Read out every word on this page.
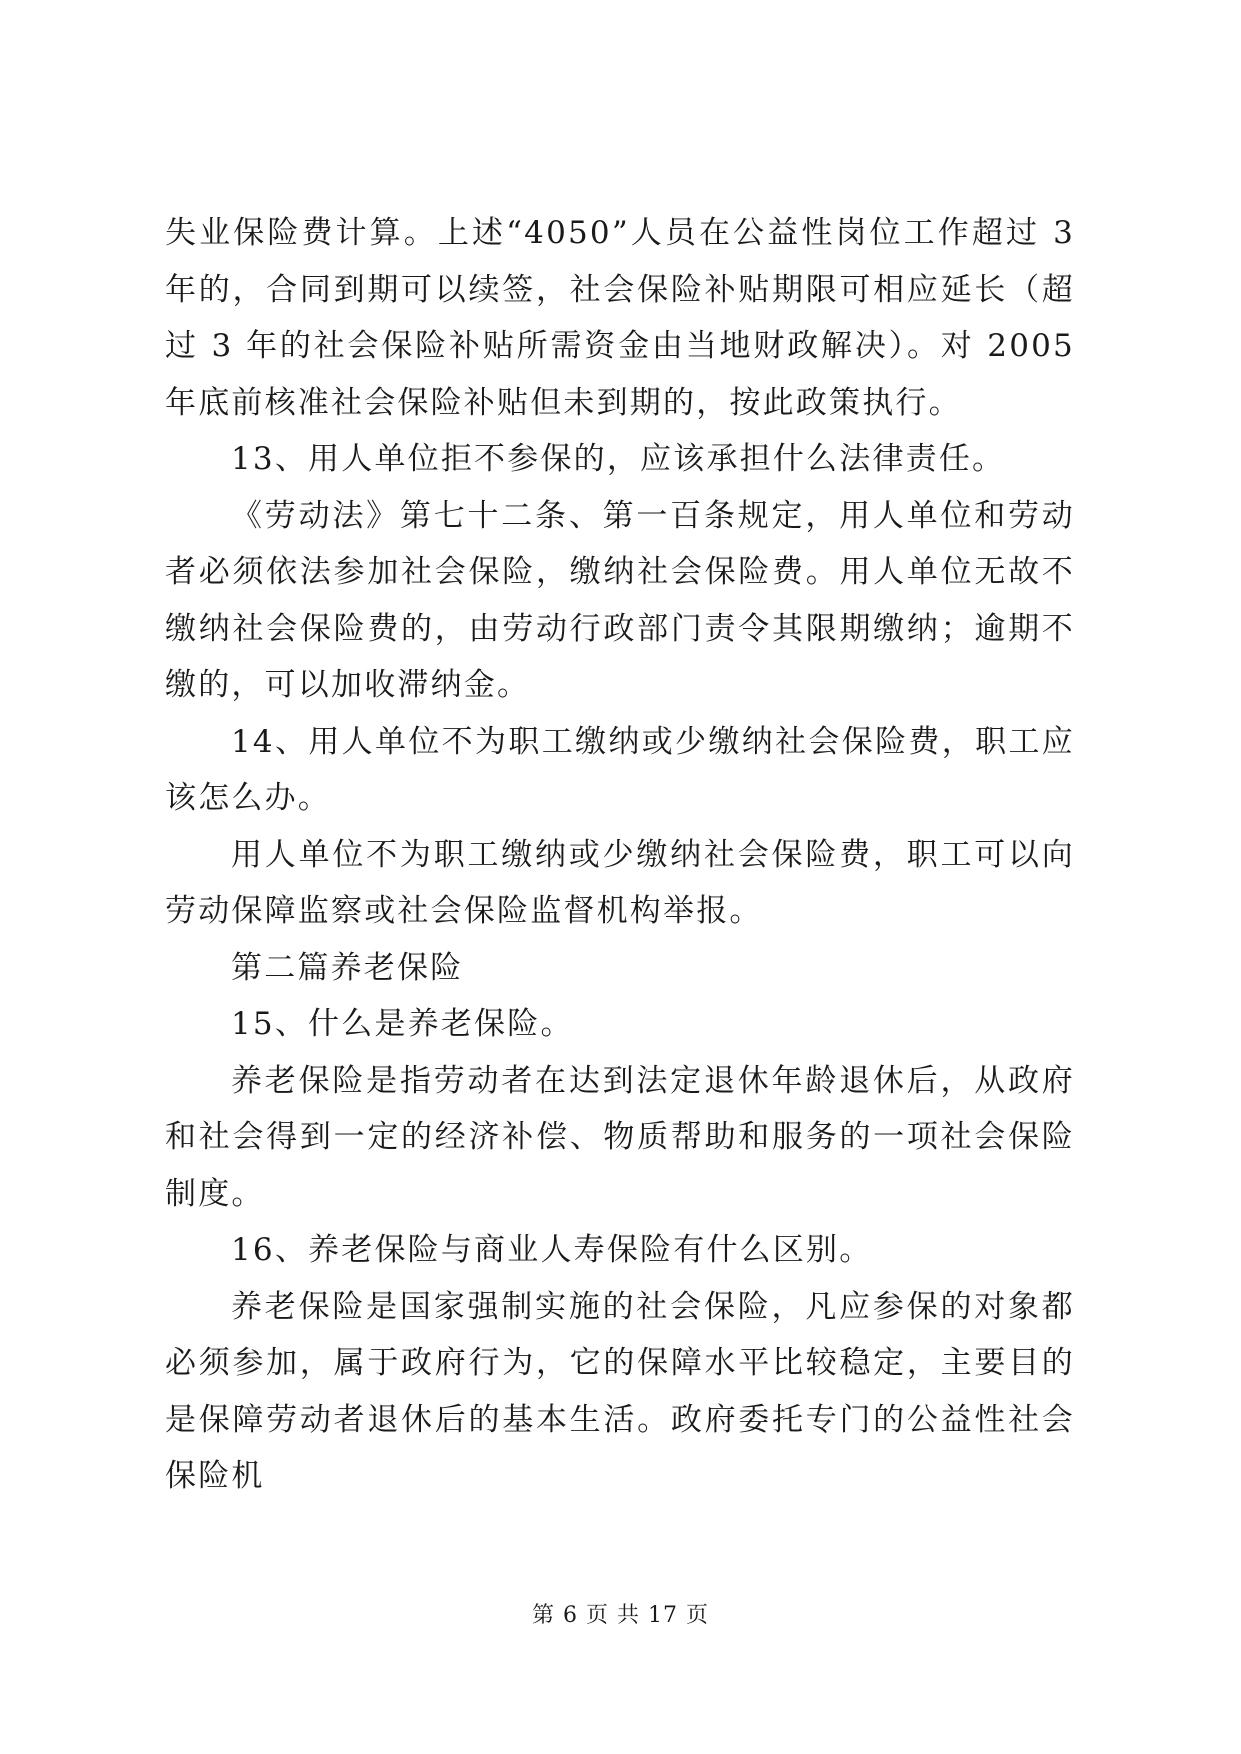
失业保险费计算。上述“4050”人员在公益性岗位工作超过 3 年的，合同到期可以续签，社会保险补贴期限可相应延长（超过 3 年的社会保险补贴所需资金由当地财政解决）。对 2005 年底前核准社会保险补贴但未到期的，按此政策执行。

13、用人单位拒不参保的，应该承担什么法律责任。

《劳动法》第七十二条、第一百条规定，用人单位和劳动者必须依法参加社会保险，缴纳社会保险费。用人单位无故不缴纳社会保险费的，由劳动行政部门责令其限期缴纳；逾期不缴的，可以加收滞纳金。

14、用人单位不为职工缴纳或少缴纳社会保险费，职工应该怎么办。

用人单位不为职工缴纳或少缴纳社会保险费，职工可以向劳动保障监察或社会保险监督机构举报。

第二篇养老保险

15、什么是养老保险。

养老保险是指劳动者在达到法定退休年龄退休后，从政府和社会得到一定的经济补偿、物质帮助和服务的一项社会保险制度。

16、养老保险与商业人寿保险有什么区别。

养老保险是国家强制实施的社会保险，凡应参保的对象都必须参加，属于政府行为，它的保障水平比较稳定，主要目的是保障劳动者退休后的基本生活。政府委托专门的公益性社会保险机

第 6 页 共 17 页
